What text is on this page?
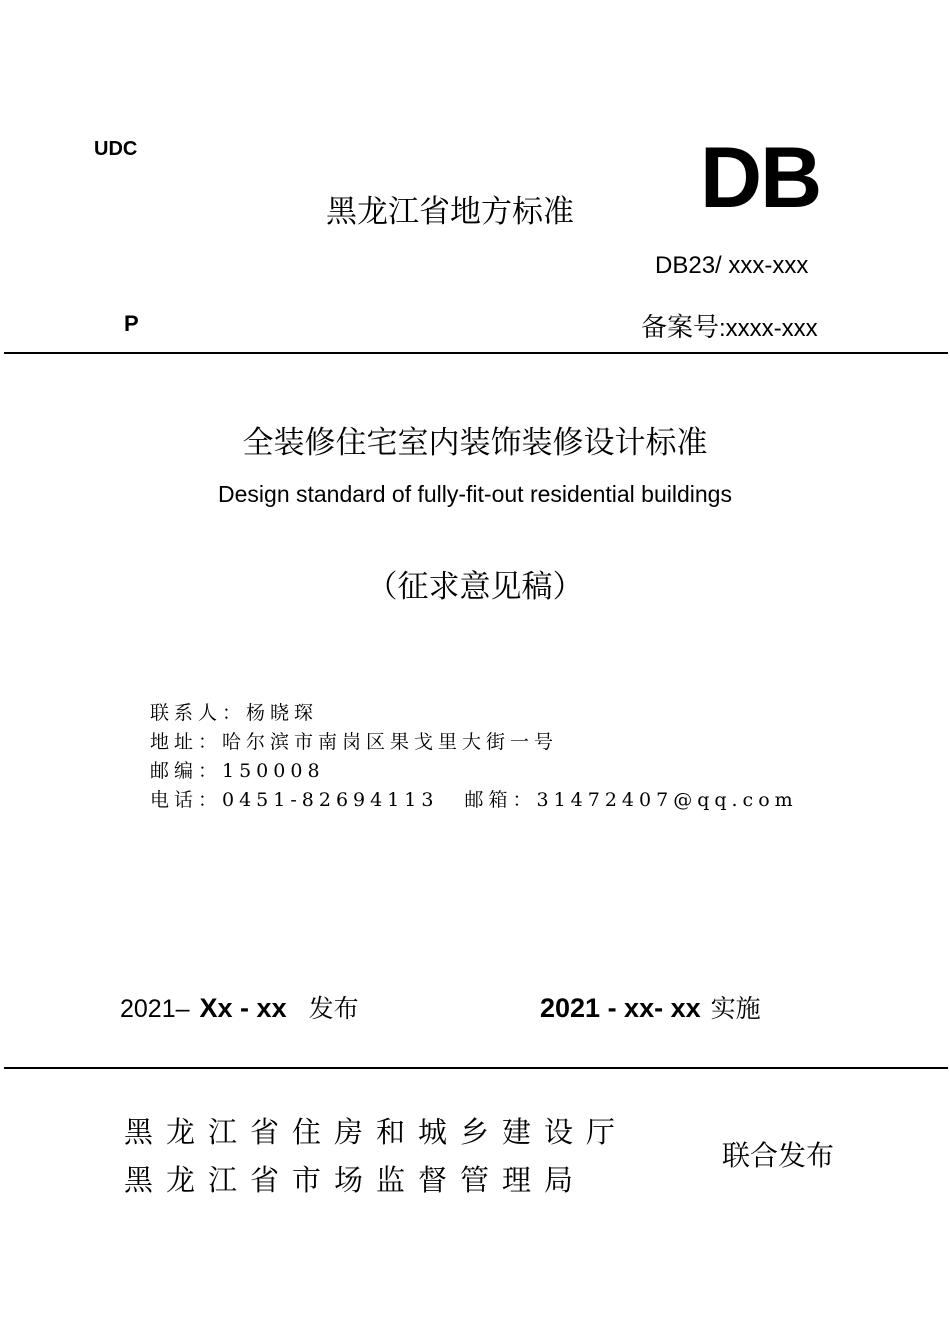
UDC
黑龙江省地方标准 DB
DB23/ xxx-xxx
P	备案号:xxxx-xxx
全装修住宅室内装饰装修设计标准
Design standard of fully-fit-out residential buildings
（征求意见稿）
联系人：杨晓琛
地址：哈尔滨市南岗区果戈里大街一号
邮编：150008
电话：0451-82694113 邮箱：31472407@qq.com
2021– Xx - xx 发布	2021 - xx- xx 实施
黑龙江省住房和城乡建设厅
黑龙江省市场监督管理局
联合发布
